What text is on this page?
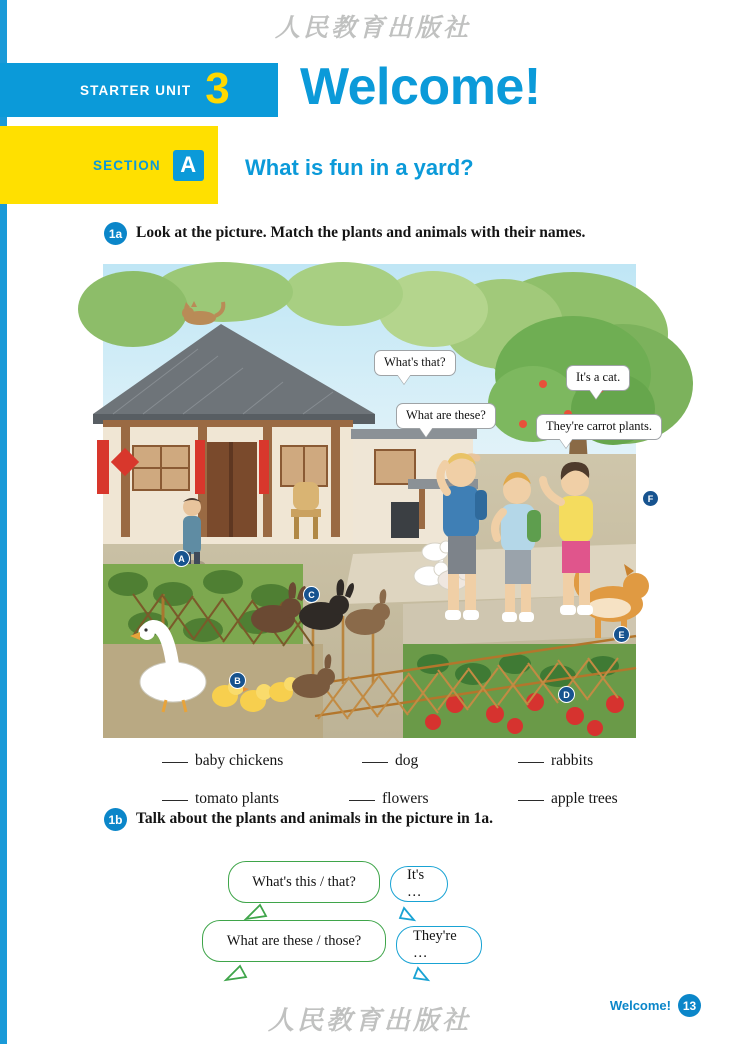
人民教育出版社
STARTER UNIT 3 Welcome!
SECTION A	What is fun in a yard?
1a Look at the picture. Match the plants and animals with their names.
A
B
C
D
E
F
What's that?
It's a cat.
What are these?
They're carrot plants.
baby chickens	dog	rabbits
tomato plants	flowers	apple trees
1b Talk about the plants and animals in the picture in 1a.
What's this / that?	It's …
What are these / those?	They're …
人民教育出版社
Welcome! 13
